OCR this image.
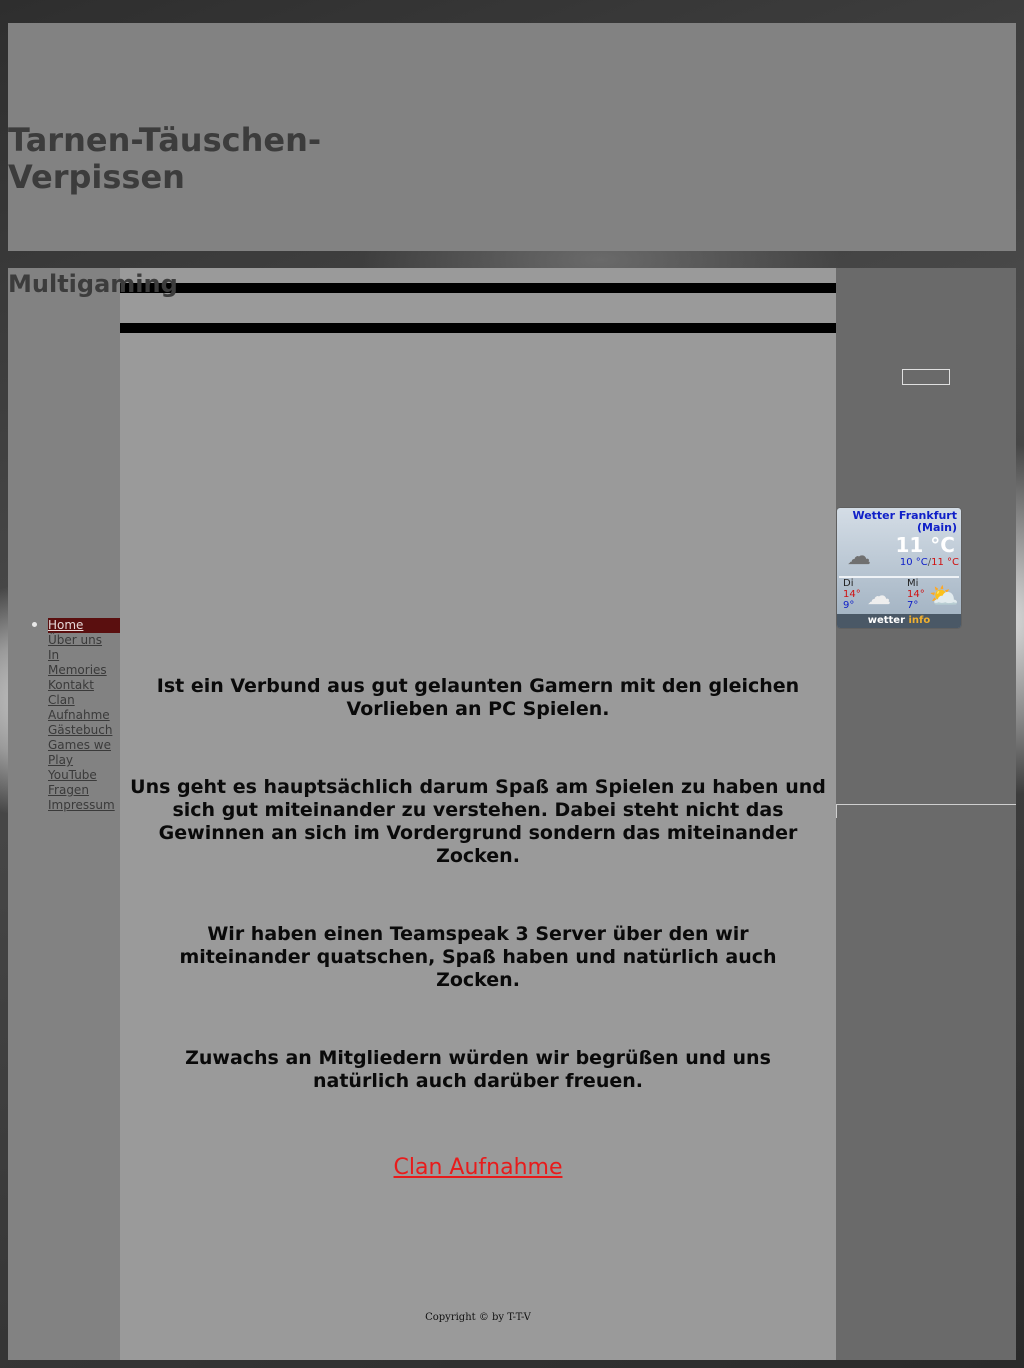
Tarnen-Täuschen-Verpissen
Multigaming
Home
Über uns
In
Memories
Kontakt
Clan
Aufnahme
Gästebuch
Games we
Play
YouTube
Fragen
Impressum

Ist ein Verbund aus gut gelaunten Gamern mit den gleichen Vorlieben an PC Spielen.

Uns geht es hauptsächlich darum Spaß am Spielen zu haben und sich gut miteinander zu verstehen. Dabei steht nicht das Gewinnen an sich im Vordergrund sondern das miteinander Zocken.

Wir haben einen Teamspeak 3 Server über den wir miteinander quatschen, Spaß haben und natürlich auch Zocken.

Zuwachs an Mitgliedern würden wir begrüßen und uns natürlich auch darüber freuen.

Clan Aufnahme
Copyright © by T-T-V
Wetter Frankfurt (Main)
☁ 11 °C
10 °C/11 °C
Di
14°
9° ☁ Mi
14°
7° ⛅
wetter info
